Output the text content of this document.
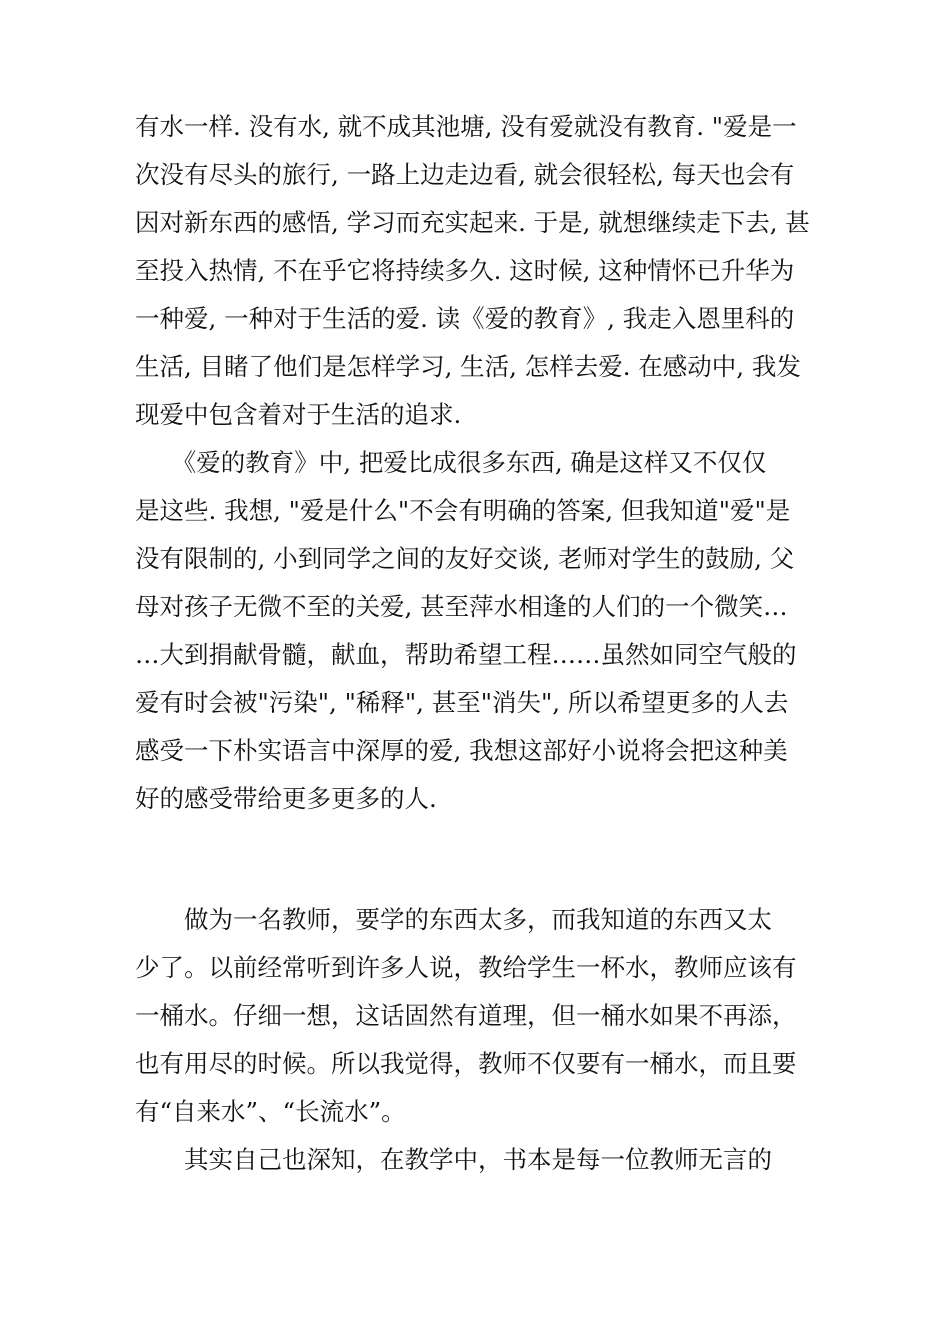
有水一样. 没有水, 就不成其池塘, 没有爱就没有教育. "爱是一
次没有尽头的旅行, 一路上边走边看, 就会很轻松, 每天也会有
因对新东西的感悟, 学习而充实起来. 于是, 就想继续走下去, 甚
至投入热情, 不在乎它将持续多久. 这时候, 这种情怀已升华为
一种爱, 一种对于生活的爱. 读《爱的教育》, 我走入恩里科的
生活, 目睹了他们是怎样学习, 生活, 怎样去爱. 在感动中, 我发
现爱中包含着对于生活的追求.
　　《爱的教育》中, 把爱比成很多东西, 确是这样又不仅仅
是这些. 我想, "爱是什么"不会有明确的答案, 但我知道"爱"是
没有限制的, 小到同学之间的友好交谈, 老师对学生的鼓励, 父
母对孩子无微不至的关爱, 甚至萍水相逢的人们的一个微笑…
…大到捐献骨髓，献血，帮助希望工程……虽然如同空气般的
爱有时会被"污染", "稀释", 甚至"消失", 所以希望更多的人去
感受一下朴实语言中深厚的爱, 我想这部好小说将会把这种美
好的感受带给更多更多的人.
　　做为一名教师，要学的东西太多，而我知道的东西又太
少了。以前经常听到许多人说，教给学生一杯水，教师应该有
一桶水。仔细一想，这话固然有道理，但一桶水如果不再添，
也有用尽的时候。所以我觉得，教师不仅要有一桶水，而且要
有“自来水”、“长流水”。
　　其实自己也深知，在教学中，书本是每一位教师无言的
